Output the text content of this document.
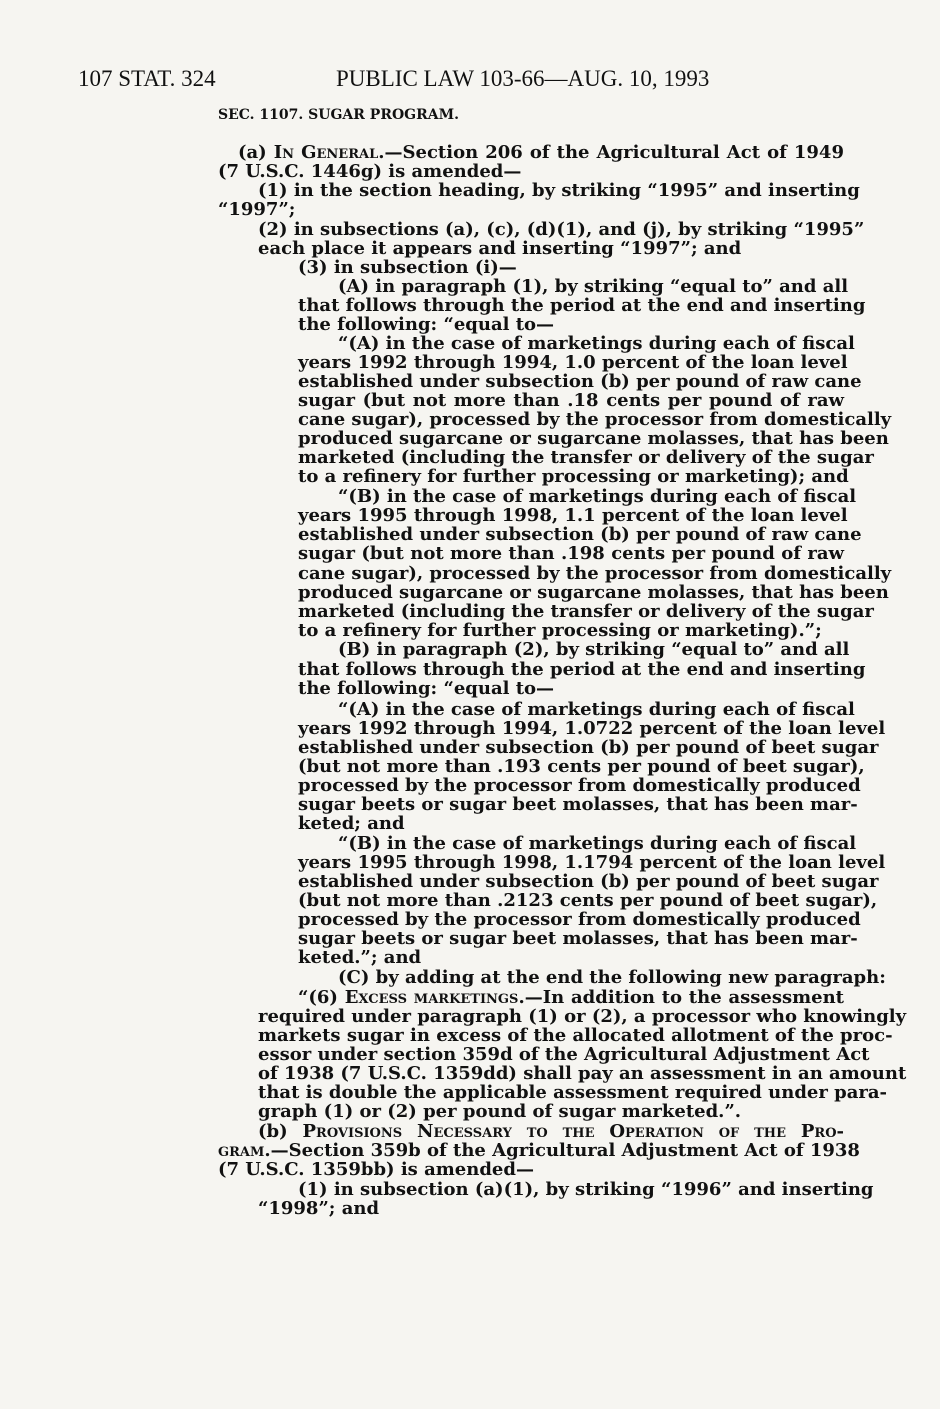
107 STAT. 324	PUBLIC LAW 103-66—AUG. 10, 1993
SEC. 1107. SUGAR PROGRAM.
(a) In General.—Section 206 of the Agricultural Act of 1949
(7 U.S.C. 1446g) is amended—
(1) in the section heading, by striking “1995” and inserting
“1997”;
(2) in subsections (a), (c), (d)(1), and (j), by striking “1995”
each place it appears and inserting “1997”; and
(3) in subsection (i)—
(A) in paragraph (1), by striking “equal to” and all
that follows through the period at the end and inserting
the following: “equal to—
“(A) in the case of marketings during each of fiscal
years 1992 through 1994, 1.0 percent of the loan level
established under subsection (b) per pound of raw cane
sugar (but not more than .18 cents per pound of raw
cane sugar), processed by the processor from domestically
produced sugarcane or sugarcane molasses, that has been
marketed (including the transfer or delivery of the sugar
to a refinery for further processing or marketing); and
“(B) in the case of marketings during each of fiscal
years 1995 through 1998, 1.1 percent of the loan level
established under subsection (b) per pound of raw cane
sugar (but not more than .198 cents per pound of raw
cane sugar), processed by the processor from domestically
produced sugarcane or sugarcane molasses, that has been
marketed (including the transfer or delivery of the sugar
to a refinery for further processing or marketing).”;
(B) in paragraph (2), by striking “equal to” and all
that follows through the period at the end and inserting
the following: “equal to—
“(A) in the case of marketings during each of fiscal
years 1992 through 1994, 1.0722 percent of the loan level
established under subsection (b) per pound of beet sugar
(but not more than .193 cents per pound of beet sugar),
processed by the processor from domestically produced
sugar beets or sugar beet molasses, that has been mar-
keted; and
“(B) in the case of marketings during each of fiscal
years 1995 through 1998, 1.1794 percent of the loan level
established under subsection (b) per pound of beet sugar
(but not more than .2123 cents per pound of beet sugar),
processed by the processor from domestically produced
sugar beets or sugar beet molasses, that has been mar-
keted.”; and
(C) by adding at the end the following new paragraph:
“(6) Excess marketings.—In addition to the assessment
required under paragraph (1) or (2), a processor who knowingly
markets sugar in excess of the allocated allotment of the proc-
essor under section 359d of the Agricultural Adjustment Act
of 1938 (7 U.S.C. 1359dd) shall pay an assessment in an amount
that is double the applicable assessment required under para-
graph (1) or (2) per pound of sugar marketed.”.
(b) Provisions Necessary to the Operation of the Pro-
gram.—Section 359b of the Agricultural Adjustment Act of 1938
(7 U.S.C. 1359bb) is amended—
(1) in subsection (a)(1), by striking “1996” and inserting
“1998”; and
